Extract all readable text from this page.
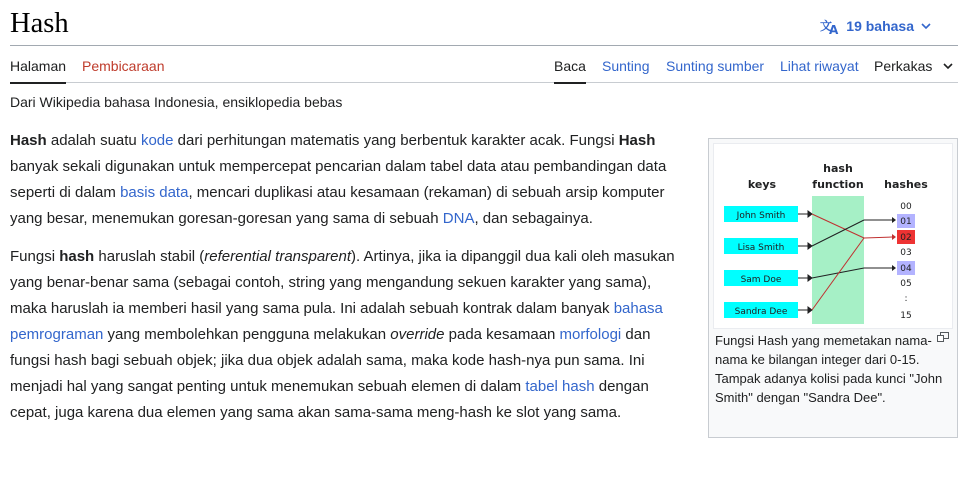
Hash	文
A 19 bahasa
Halaman Pembicaraan	Baca Sunting Sunting sumber Lihat riwayat Perkakas
Dari Wikipedia bahasa Indonesia, ensiklopedia bebas

Hash adalah suatu kode dari perhitungan matematis yang berbentuk karakter acak. Fungsi Hash banyak sekali digunakan untuk mempercepat pencarian dalam tabel data atau pembandingan data seperti di dalam basis data, mencari duplikasi atau kesamaan (rekaman) di sebuah arsip komputer yang besar, menemukan goresan-goresan yang sama di sebuah DNA, dan sebagainya.

Fungsi hash haruslah stabil (referential transparent). Artinya, jika ia dipanggil dua kali oleh masukan yang benar-benar sama (sebagai contoh, string yang mengandung sekuen karakter yang sama), maka haruslah ia memberi hasil yang sama pula. Ini adalah sebuah kontrak dalam banyak bahasa pemrograman yang membolehkan pengguna melakukan override pada kesamaan morfologi dan fungsi hash bagi sebuah objek; jika dua objek adalah sama, maka kode hash-nya pun sama. Ini menjadi hal yang sangat penting untuk menemukan sebuah elemen di dalam tabel hash dengan cepat, juga karena dua elemen yang sama akan sama-sama meng-hash ke slot yang sama.

hash
keys	function hashes
John Smith
Lisa Smith
Sam Doe
Sandra Dee
00
01
02
03
04
05
:
15
Fungsi Hash yang memetakan nama-nama ke bilangan integer dari 0-15. Tampak adanya kolisi pada kunci "John Smith" dengan "Sandra Dee".
